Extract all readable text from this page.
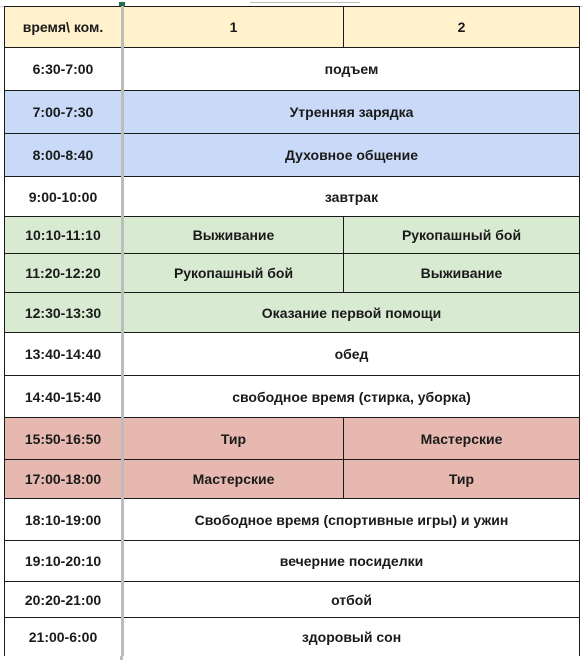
время\ ком.	1	2
6:30-7:00	подъем	
7:00-7:30	Утренняя зарядка	
8:00-8:40	Духовное общение	
9:00-10:00	завтрак	
10:10-11:10	Выживание	Рукопашный бой
11:20-12:20	Рукопашный бой	Выживание
12:30-13:30	Оказание первой помощи	
13:40-14:40	обед	
14:40-15:40	свободное время (стирка, уборка)	
15:50-16:50	Тир	Мастерские
17:00-18:00	Мастерские	Тир
18:10-19:00	Свободное время (спортивные игры) и ужин	
19:10-20:10	вечерние посиделки	
20:20-21:00	отбой	
21:00-6:00	здоровый сон	
